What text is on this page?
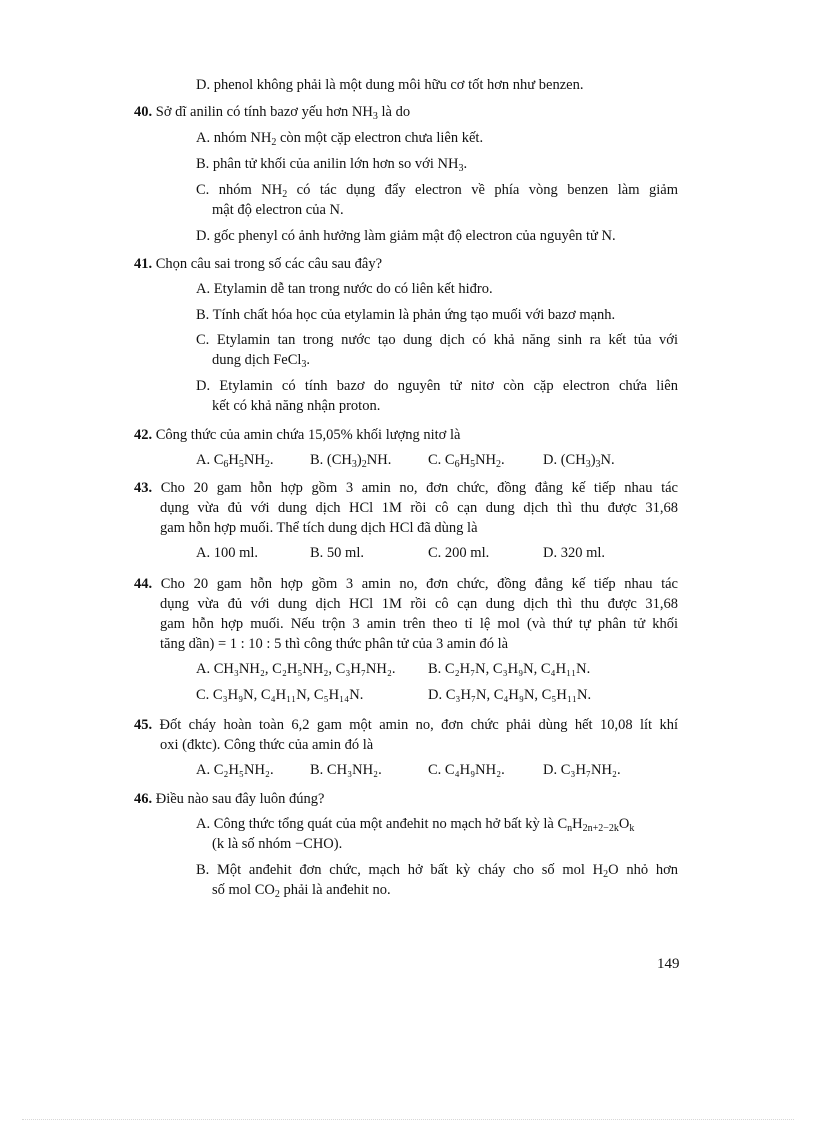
D. phenol không phải là một dung môi hữu cơ tốt hơn như benzen.
40. Sở dĩ anilin có tính bazơ yếu hơn $NH_3$ là do
A. nhóm $NH_2$ còn một cặp electron chưa liên kết.
B. phân tử khối của anilin lớn hơn so với $NH_3$.
C. nhóm $NH_2$ có tác dụng đẩy electron về phía vòng benzen làm giảm
mật độ electron của N.
D. gốc phenyl có ảnh hưởng làm giảm mật độ electron của nguyên tử N.
41. Chọn câu sai trong số các câu sau đây?
A. Etylamin dễ tan trong nước do có liên kết hiđro.
B. Tính chất hóa học của etylamin là phản ứng tạo muối với bazơ mạnh.
C. Etylamin tan trong nước tạo dung dịch có khả năng sinh ra kết tủa với
dung dịch FeCl$_3$.
D. Etylamin có tính bazơ do nguyên tử nitơ còn cặp electron chứa liên
kết có khả năng nhận proton.
42. Công thức của amin chứa 15,05% khối lượng nitơ là
A. $C_6H_5NH_2$.	B. $(CH_3)_2NH$.	C. $C_6H_5NH_2$.	D. $(CH_3)_3N$.
43. Cho 20 gam hỗn hợp gồm 3 amin no, đơn chức, đồng đẳng kế tiếp nhau tác
dụng vừa đủ với dung dịch HCl 1M rồi cô cạn dung dịch thì thu được 31,68
gam hỗn hợp muối. Thể tích dung dịch HCl đã dùng là
A. 100 ml.	B. 50 ml.	C. 200 ml.	D. 320 ml.
44. Cho 20 gam hỗn hợp gồm 3 amin no, đơn chức, đồng đẳng kế tiếp nhau tác
dụng vừa đủ với dung dịch HCl 1M rồi cô cạn dung dịch thì thu được 31,68
gam hỗn hợp muối. Nếu trộn 3 amin trên theo tỉ lệ mol (và thứ tự phân tử khối
tăng dần) = 1 : 10 : 5 thì công thức phân tử của 3 amin đó là
A. CH₃NH₂, C₂H₅NH₂, C₃H₇NH₂. B. C₂H₇N, C₃H₉N, C₄H₁₁N.
C. C₃H₉N, C₄H₁₁N, C₅H₁₄N.	D. C₃H₇N, C₄H₉N, C₅H₁₁N.
45. Đốt cháy hoàn toàn 6,2 gam một amin no, đơn chức phải dùng hết 10,08 lít khí
oxi (đktc). Công thức của amin đó là
A. C₂H₅NH₂.	B. CH₃NH₂.	C. C₄H₉NH₂.	D. C₃H₇NH₂.
46. Điều nào sau đây luôn đúng?
A. Công thức tổng quát của một anđehit no mạch hở bất kỳ là $C_nH_{2n+2-2k}O_k$
(k là số nhóm −CHO).
B. Một anđehit đơn chức, mạch hở bất kỳ cháy cho số mol $H_2O$ nhỏ hơn
số mol $CO_2$ phải là anđehit no.
149
